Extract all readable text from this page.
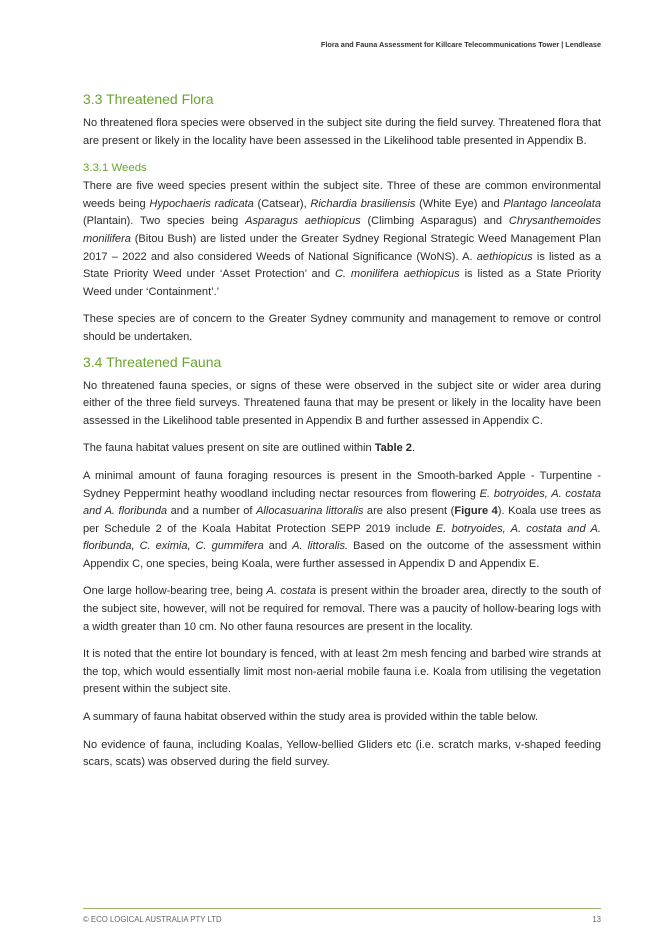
Flora and Fauna Assessment for Killcare Telecommunications Tower | Lendlease
3.3 Threatened Flora

No threatened flora species were observed in the subject site during the field survey. Threatened flora that are present or likely in the locality have been assessed in the Likelihood table presented in Appendix B.

3.3.1 Weeds

There are five weed species present within the subject site. Three of these are common environmental weeds being Hypochaeris radicata (Catsear), Richardia brasiliensis (White Eye) and Plantago lanceolata (Plantain). Two species being Asparagus aethiopicus (Climbing Asparagus) and Chrysanthemoides monilifera (Bitou Bush) are listed under the Greater Sydney Regional Strategic Weed Management Plan 2017 – 2022 and also considered Weeds of National Significance (WoNS). A. aethiopicus is listed as a State Priority Weed under ‘Asset Protection’ and C. monilifera aethiopicus is listed as a State Priority Weed under ‘Containment’.’

These species are of concern to the Greater Sydney community and management to remove or control should be undertaken.

3.4 Threatened Fauna

No threatened fauna species, or signs of these were observed in the subject site or wider area during either of the three field surveys. Threatened fauna that may be present or likely in the locality have been assessed in the Likelihood table presented in Appendix B and further assessed in Appendix C.

The fauna habitat values present on site are outlined within Table 2.

A minimal amount of fauna foraging resources is present in the Smooth-barked Apple - Turpentine - Sydney Peppermint heathy woodland including nectar resources from flowering E. botryoides, A. costata and A. floribunda and a number of Allocasuarina littoralis are also present (Figure 4). Koala use trees as per Schedule 2 of the Koala Habitat Protection SEPP 2019 include E. botryoides, A. costata and A. floribunda, C. eximia, C. gummifera and A. littoralis. Based on the outcome of the assessment within Appendix C, one species, being Koala, were further assessed in Appendix D and Appendix E.

One large hollow-bearing tree, being A. costata is present within the broader area, directly to the south of the subject site, however, will not be required for removal. There was a paucity of hollow-bearing logs with a width greater than 10 cm. No other fauna resources are present in the locality.

It is noted that the entire lot boundary is fenced, with at least 2m mesh fencing and barbed wire strands at the top, which would essentially limit most non-aerial mobile fauna i.e. Koala from utilising the vegetation present within the subject site.

A summary of fauna habitat observed within the study area is provided within the table below.

No evidence of fauna, including Koalas, Yellow-bellied Gliders etc (i.e. scratch marks, v-shaped feeding scars, scats) was observed during the field survey.

© ECO LOGICAL AUSTRALIA PTY LTD	13
